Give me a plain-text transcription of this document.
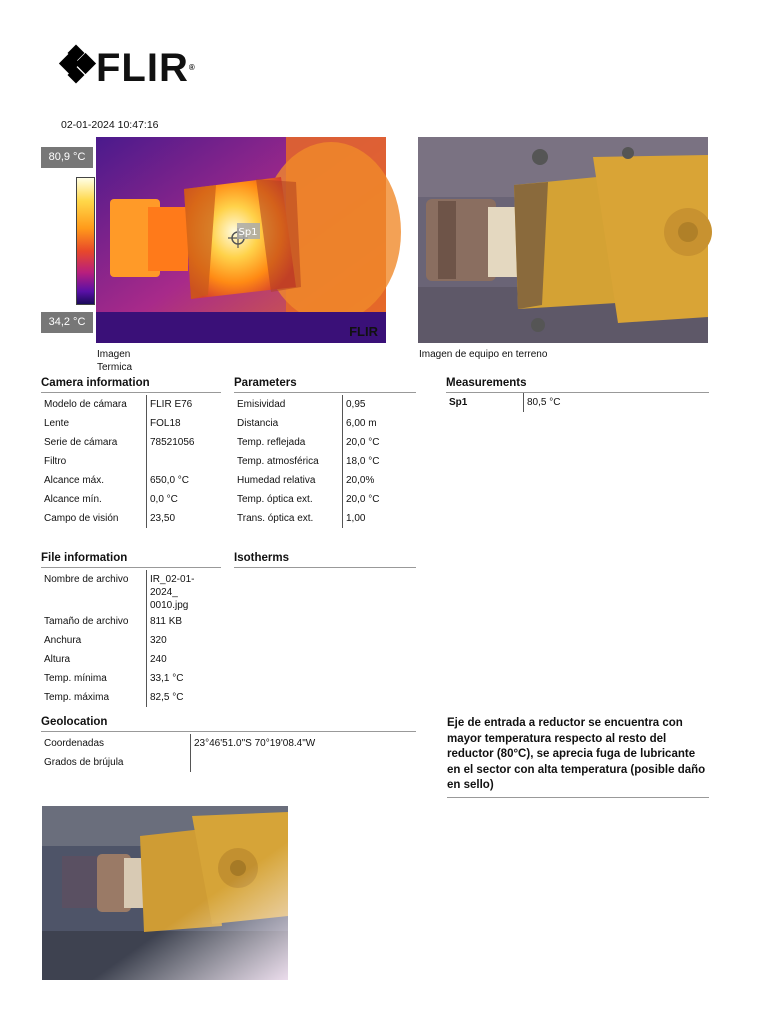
FLIR®
02-01-2024 10:47:16
80,9 °C
34,2 °C
Sp1
FLIR
Imagen Termica
Imagen de equipo en terreno
Camera information
Modelo de cámara	FLIR E76
Lente	FOL18
Serie de cámara	78521056
Filtro	
Alcance máx.	650,0 °C
Alcance mín.	0,0 °C
Campo de visión	23,50
Parameters
Emisividad	0,95
Distancia	6,00 m
Temp. reflejada	20,0 °C
Temp. atmosférica	18,0 °C
Humedad relativa	20,0%
Temp. óptica ext.	20,0 °C
Trans. óptica ext.	1,00
Measurements
Sp1	80,5 °C
File information
Nombre de archivo	IR_02-01-2024_
0010.jpg
Tamaño de archivo	811 KB
Anchura	320
Altura	240
Temp. mínima	33,1 °C
Temp. máxima	82,5 °C
Isotherms
Geolocation
Coordenadas	23°46'51.0"S 70°19'08.4"W
Grados de brújula	
Eje de entrada a reductor se encuentra con mayor temperatura respecto al resto del reductor (80°C), se aprecia fuga de lubricante en el sector con alta temperatura (posible daño en sello)
